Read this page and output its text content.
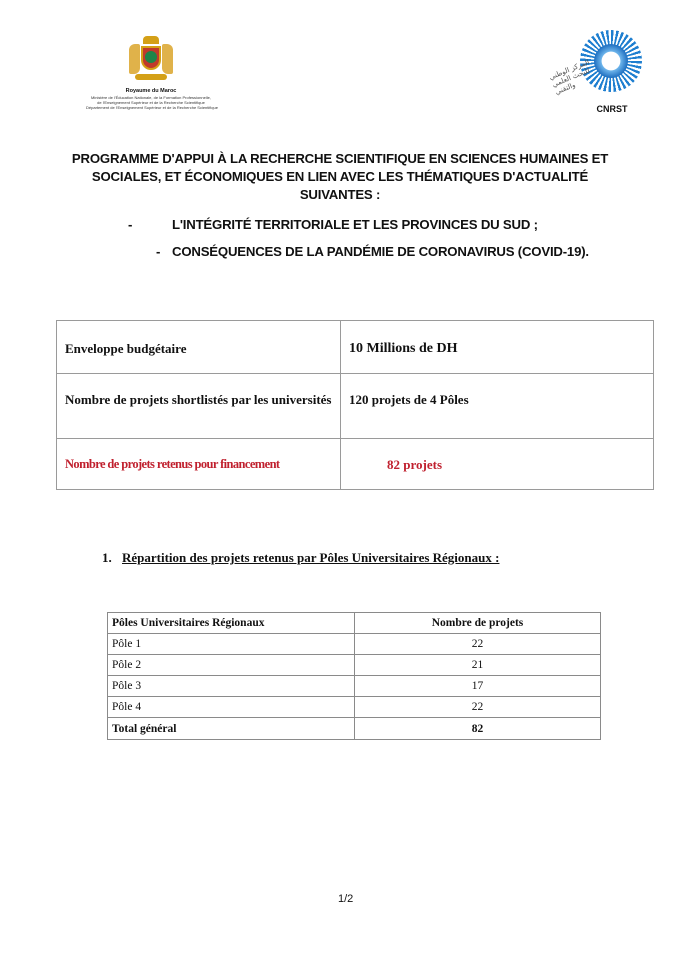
Royaume du Maroc
Ministère de l'Éducation Nationale, de la Formation Professionnelle,
de l'Enseignement Supérieur et de la Recherche Scientifique
Département de l'Enseignement Supérieur et de la Recherche Scientifique
المركز الوطني للبحث العلمي والتقني
CNRST
PROGRAMME D'APPUI À LA RECHERCHE SCIENTIFIQUE EN SCIENCES HUMAINES ET
SOCIALES, ET ÉCONOMIQUES EN LIEN AVEC LES THÉMATIQUES D'ACTUALITÉ
SUIVANTES :
-	L'INTÉGRITÉ TERRITORIALE ET LES PROVINCES DU SUD ;
- CONSÉQUENCES DE LA PANDÉMIE DE CORONAVIRUS (COVID-19).
Enveloppe budgétaire	10 Millions de DH
Nombre de projets shortlistés par les universités	120 projets de 4 Pôles
Nombre de projets retenus pour financement	82 projets
1. Répartition des projets retenus par Pôles Universitaires Régionaux :
Pôles Universitaires Régionaux	Nombre de projets
Pôle 1	22
Pôle 2	21
Pôle 3	17
Pôle 4	22
Total général	82
1/2
